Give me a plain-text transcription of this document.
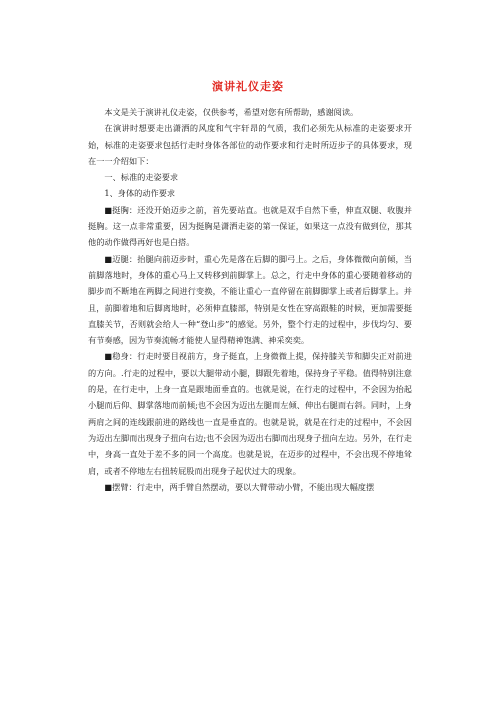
演讲礼仪走姿

本文是关于演讲礼仪走姿，仅供参考，希望对您有所帮助，感谢阅读。

在演讲时想要走出潇洒的风度和气宇轩昂的气质，我们必须先从标准的走姿要求开始，标准的走姿要求包括行走时身体各部位的动作要求和行走时所迈步子的具体要求，现在一一介绍如下：

一、标准的走姿要求

1、身体的动作要求

■挺胸：还没开始迈步之前，首先要站直。也就是双手自然下垂，伸直双腿、收腹并挺胸。这一点非常重要，因为挺胸是潇洒走姿的第一保证，如果这一点没有做到位，那其他的动作做得再好也是白搭。

■迈腿：抬腿向前迈步时，重心先是落在后脚的脚弓上。之后，身体微微向前倾，当前脚落地时，身体的重心马上又转移到前脚掌上。总之，行走中身体的重心要随着移动的脚步而不断地在两脚之间进行变换，不能让重心一直停留在前脚脚掌上或者后脚掌上。并且，前脚着地和后脚离地时，必须伸直膝部，特别是女性在穿高跟鞋的时候，更加需要挺直膝关节，否则就会给人一种“登山步”的感觉。另外，整个行走的过程中，步伐均匀、要有节奏感，因为节奏流畅才能使人显得精神饱满、神采奕奕。

■稳身：行走时要目视前方，身子挺直，上身微微上提，保持膝关节和脚尖正对前进的方向。.行走的过程中，要以大腿带动小腿，脚跟先着地，保持身子平稳。值得特别注意的是，在行走中，上身一直是跟地面垂直的。也就是说，在行走的过程中，不会因为抬起小腿而后仰、脚掌落地而前倾;也不会因为迈出左腿而左倾、伸出右腿而右斜。同时，上身两肩之间的连线跟前进的路线也一直是垂直的。也就是说，就是在行走的过程中，不会因为迈出左脚而出现身子扭向右边;也不会因为迈出右脚而出现身子扭向左边。另外，在行走中，身高一直处于差不多的同一个高度。也就是说，在迈步的过程中，不会出现不停地耸肩，或者不停地左右扭转屁股而出现身子起伏过大的现象。

■摆臂：行走中，两手臂自然摆动，要以大臂带动小臂，不能出现大幅度摆
